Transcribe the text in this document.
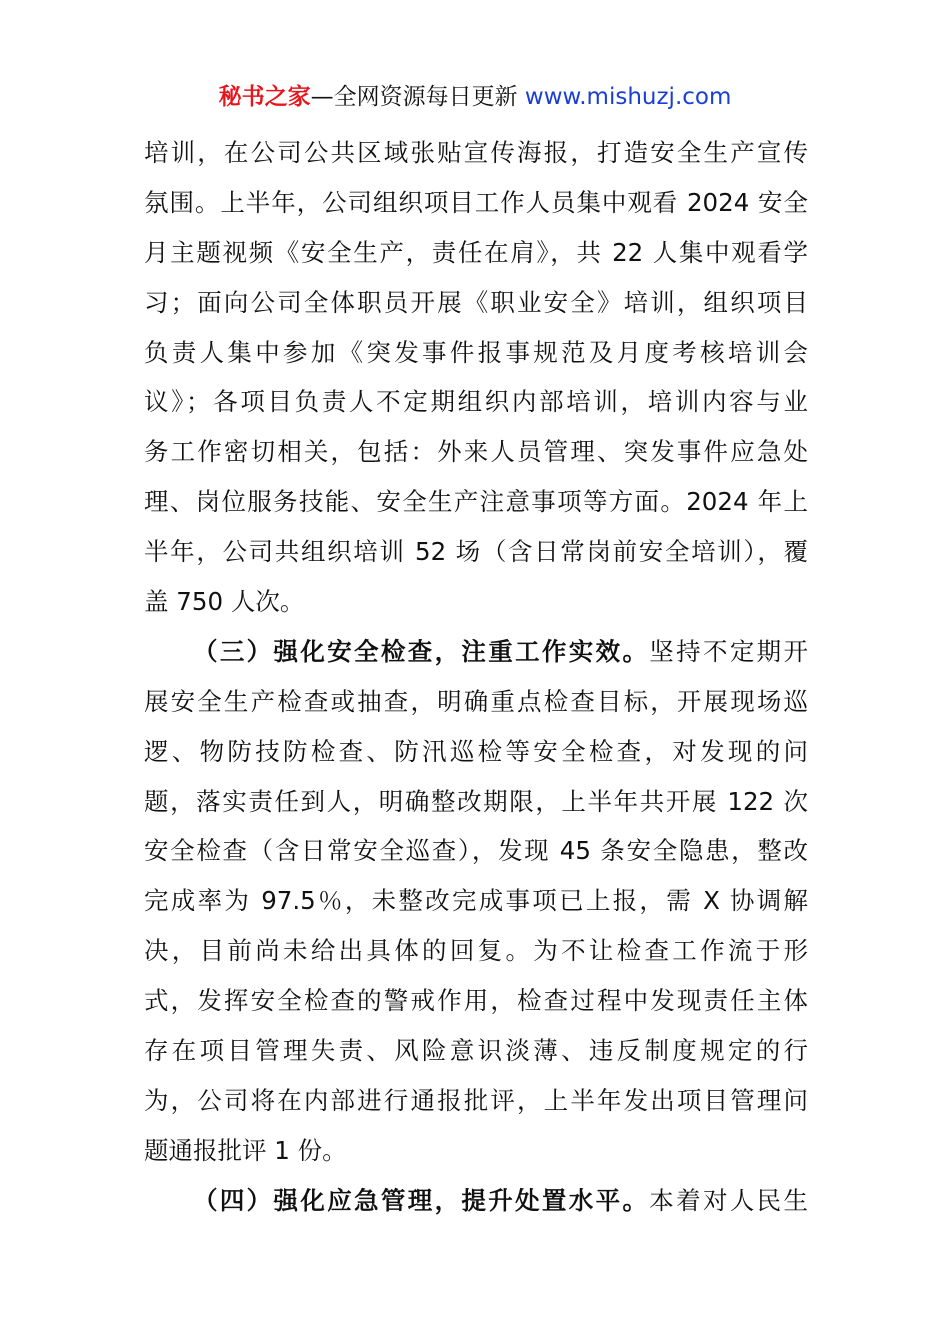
秘书之家—全网资源每日更新 www.mishuzj.com
培训，在公司公共区域张贴宣传海报，打造安全生产宣传
氛围。上半年，公司组织项目工作人员集中观看 2024 安全
月主题视频《安全生产，责任在肩》，共 22 人集中观看学
习；面向公司全体职员开展《职业安全》培训，组织项目
负责人集中参加《突发事件报事规范及月度考核培训会
议》；各项目负责人不定期组织内部培训，培训内容与业
务工作密切相关，包括：外来人员管理、突发事件应急处
理、岗位服务技能、安全生产注意事项等方面。2024 年上
半年，公司共组织培训 52 场（含日常岗前安全培训），覆
盖 750 人次。
（三）强化安全检查，注重工作实效。坚持不定期开
展安全生产检查或抽查，明确重点检查目标，开展现场巡
逻、物防技防检查、防汛巡检等安全检查，对发现的问
题，落实责任到人，明确整改期限，上半年共开展 122 次
安全检查（含日常安全巡查），发现 45 条安全隐患，整改
完成率为 97.5％，未整改完成事项已上报，需 X 协调解
决，目前尚未给出具体的回复。为不让检查工作流于形
式，发挥安全检查的警戒作用，检查过程中发现责任主体
存在项目管理失责、风险意识淡薄、违反制度规定的行
为，公司将在内部进行通报批评，上半年发出项目管理问
题通报批评 1 份。
（四）强化应急管理，提升处置水平。本着对人民生
